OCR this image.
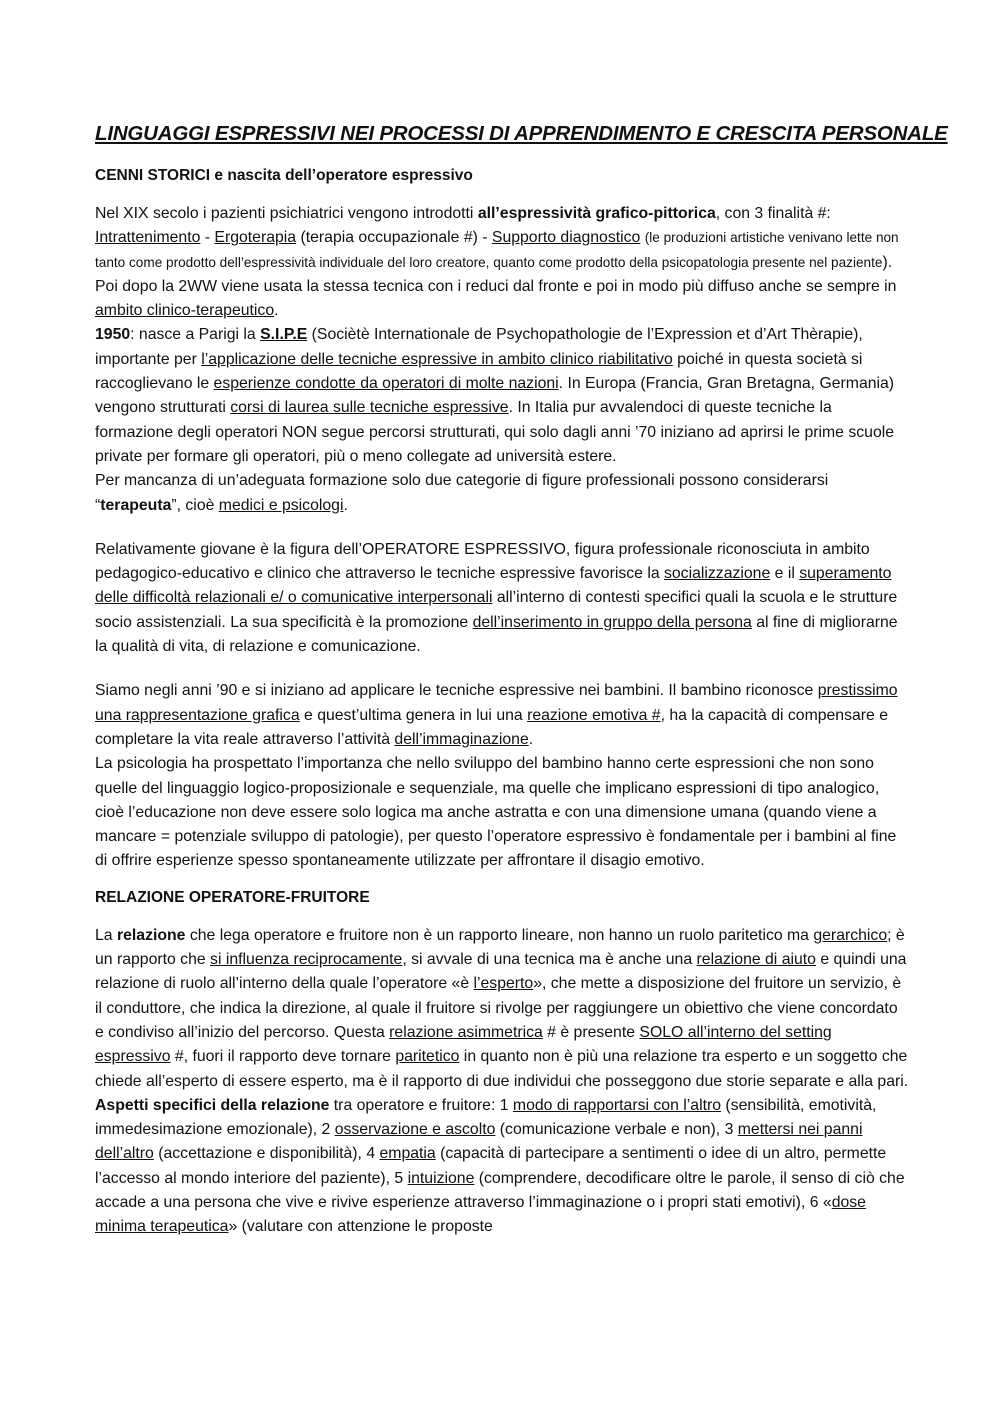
LINGUAGGI ESPRESSIVI NEI PROCESSI DI APPRENDIMENTO E CRESCITA PERSONALE
CENNI STORICI e nascita dell’operatore espressivo

Nel XIX secolo i pazienti psichiatrici vengono introdotti all’espressività grafico-pittorica, con 3 finalità #: Intrattenimento - Ergoterapia (terapia occupazionale #) - Supporto diagnostico (le produzioni artistiche venivano lette non tanto come prodotto dell’espressività individuale del loro creatore, quanto come prodotto della psicopatologia presente nel paziente). Poi dopo la 2WW viene usata la stessa tecnica con i reduci dal fronte e poi in modo più diffuso anche se sempre in ambito clinico-terapeutico.

1950: nasce a Parigi la S.I.P.E (Sociètè Internationale de Psychopathologie de l’Expression et d’Art Thèrapie), importante per l’applicazione delle tecniche espressive in ambito clinico riabilitativo poiché in questa società si raccoglievano le esperienze condotte da operatori di molte nazioni. In Europa (Francia, Gran Bretagna, Germania) vengono strutturati corsi di laurea sulle tecniche espressive. In Italia pur avvalendoci di queste tecniche la formazione degli operatori NON segue percorsi strutturati, qui solo dagli anni ’70 iniziano ad aprirsi le prime scuole private per formare gli operatori, più o meno collegate ad università estere.

Per mancanza di un’adeguata formazione solo due categorie di figure professionali possono considerarsi “terapeuta”, cioè medici e psicologi.

Relativamente giovane è la figura dell’OPERATORE ESPRESSIVO, figura professionale riconosciuta in ambito pedagogico-educativo e clinico che attraverso le tecniche espressive favorisce la socializzazione e il superamento delle difficoltà relazionali e/ o comunicative interpersonali all’interno di contesti specifici quali la scuola e le strutture socio assistenziali. La sua specificità è la promozione dell’inserimento in gruppo della persona al fine di migliorarne la qualità di vita, di relazione e comunicazione.

Siamo negli anni ’90 e si iniziano ad applicare le tecniche espressive nei bambini. Il bambino riconosce prestissimo una rappresentazione grafica e quest’ultima genera in lui una reazione emotiva #, ha la capacità di compensare e completare la vita reale attraverso l’attività dell’immaginazione.

La psicologia ha prospettato l’importanza che nello sviluppo del bambino hanno certe espressioni che non sono quelle del linguaggio logico-proposizionale e sequenziale, ma quelle che implicano espressioni di tipo analogico, cioè l’educazione non deve essere solo logica ma anche astratta e con una dimensione umana (quando viene a mancare = potenziale sviluppo di patologie), per questo l’operatore espressivo è fondamentale per i bambini al fine di offrire esperienze spesso spontaneamente utilizzate per affrontare il disagio emotivo.

RELAZIONE OPERATORE-FRUITORE

La relazione che lega operatore e fruitore non è un rapporto lineare, non hanno un ruolo paritetico ma gerarchico; è un rapporto che si influenza reciprocamente, si avvale di una tecnica ma è anche una relazione di aiuto e quindi una relazione di ruolo all’interno della quale l’operatore «è l’esperto», che mette a disposizione del fruitore un servizio, è il conduttore, che indica la direzione, al quale il fruitore si rivolge per raggiungere un obiettivo che viene concordato e condiviso all’inizio del percorso. Questa relazione asimmetrica # è presente SOLO all’interno del setting espressivo #, fuori il rapporto deve tornare paritetico in quanto non è più una relazione tra esperto e un soggetto che chiede all’esperto di essere esperto, ma è il rapporto di due individui che posseggono due storie separate e alla pari.

Aspetti specifici della relazione tra operatore e fruitore: 1 modo di rapportarsi con l’altro (sensibilità, emotività, immedesimazione emozionale), 2 osservazione e ascolto (comunicazione verbale e non), 3 mettersi nei panni dell’altro (accettazione e disponibilità), 4 empatia (capacità di partecipare a sentimenti o idee di un altro, permette l’accesso al mondo interiore del paziente), 5 intuizione (comprendere, decodificare oltre le parole, il senso di ciò che accade a una persona che vive e rivive esperienze attraverso l’immaginazione o i propri stati emotivi), 6 «dose minima terapeutica» (valutare con attenzione le proposte
